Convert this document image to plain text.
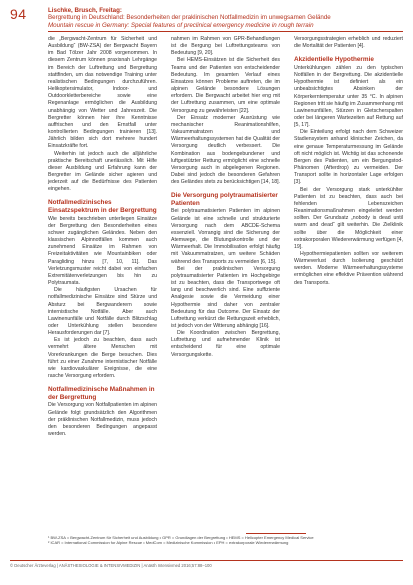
94	Lischke, Brusch, Freitag:
Bergrettung in Deutschland: Besonderheiten der praklinischen Notfallmedizin im unwegsamen Gelände
Mountain rescue in Germany: Special features of preclinical emergency medicine in rough terrain

die „Bergwacht-Zentrum für Sicherheit und Ausbildung“ (BW-ZSA) der Bergwacht Bayern im Bad Tölzer Jahr 2008 vorgenommen. In diesem Zentrum können praxisnah Lehrgänge im Bereich der Luftrettung und Bergrettung stattfinden, um das notwendige Training unter realistischen Bedingungen durchzuführen. Helikoptersimulator, Indoor- und Outdoorkletterbereiche sowie eine Regenanlage ermöglichen die Ausbildung unabhängig von Wetter und Jahreszeit. Die Bergretter können hier ihre Kenntnisse auffrischen und den Ernstfall unter kontrollierten Bedingungen trainieren [13]. Jährlich bilden sich dort mehrere hundert Einsatzkräfte fort.

Weiterhin ist jedoch auch die alljährliche praktische Bereitschaft unerlässlich. Mit Hilfe dieser Ausbildung und Erfahrung kann der Bergretter im Gelände sicher agieren und jederzeit auf die Bedürfnisse des Patienten eingehen.

Notfallmedizinisches Einsatzspektrum in der Bergrettung

Wie bereits beschrieben unterliegen Einsätze der Bergrettung den Besonderheiten eines schwer zugänglichen Geländes. Neben den klassischen Alpinnotfällen kommen auch zunehmend Einsätze im Rahmen von Freizeitaktivitäten wie Mountainbiken oder Paragliding hinzu [7, 10, 11]. Das Verletzungsmuster reicht dabei von einfachen Extremitätenverletzungen bis hin zu Polytraumata.

Die häufigsten Ursachen für notfallmedizinische Einsätze sind Stürze und Absturz bei Bergwanderern sowie internistische Notfälle. Aber auch Lawinenunfälle und Notfälle durch Blitzschlag oder Unterkühlung stellen besondere Herausforderungen dar [7].

Es ist jedoch zu beachten, dass auch vermehrt ältere Menschen mit Vorerkrankungen die Berge besuchen. Dies führt zu einer Zunahme internistischer Notfälle wie kardiovaskulärer Ereignisse, die eine rasche Versorgung erfordern.

Notfallmedizinische Maßnahmen in der Bergrettung

Die Versorgung von Notfallpatienten im alpinen Gelände folgt grundsätzlich den Algorithmen der präklinischen Notfallmedizin, muss jedoch den besonderen Bedingungen angepasst werden.

nahmen im Rahmen von GPR-Behandlungen ist die Bergung bei Luftrettungsteams von Bedeutung [9, 20].

Bei HEMS-Einsätzen ist die Sicherheit des Teams und der Patienten von entscheidender Bedeutung. Im gesamten Verlauf eines Einsatzes können Probleme auftreten, die im alpinen Gelände besondere Lösungen erfordern. Die Bergwacht arbeitet hier eng mit der Luftrettung zusammen, um eine optimale Versorgung zu gewährleisten [22].

Der Einsatz moderner Ausrüstung wie mechanischer Reanimationshilfen, Vakuummatratzen und Wärmeerhaltungssystemen hat die Qualität der Versorgung deutlich verbessert. Die Kombination aus bodengebundener und luftgestützter Rettung ermöglicht eine schnelle Versorgung auch in abgelegenen Regionen. Dabei sind jedoch die besonderen Gefahren des Geländes stets zu berücksichtigen [14, 18].

Die Versorgung polytraumatisierter Patienten

Bei polytraumatisierten Patienten im alpinen Gelände ist eine schnelle und strukturierte Versorgung nach dem ABCDE-Schema essenziell. Vorrangig sind die Sicherung der Atemwege, die Blutungskontrolle und der Wärmeerhalt. Die Immobilisation erfolgt häufig mit Vakuummatratzen, um weitere Schäden während des Transports zu vermeiden [6, 15].

Bei der praklinischen Versorgung polytraumatisierter Patienten im Hochgebirge ist zu beachten, dass die Transportwege oft lang und beschwerlich sind. Eine suffiziente Analgesie sowie die Vermeidung einer Hypothermie sind daher von zentraler Bedeutung für das Outcome. Der Einsatz der Luftrettung verkürzt die Rettungszeit erheblich, ist jedoch von der Witterung abhängig [16].

Die Koordination zwischen Bergrettung, Luftrettung und aufnehmender Klinik ist entscheidend für eine optimale Versorgungskette.

Versorgungsstrategien erheblich und reduziert die Mortalität der Patienten [4].

Akzidentielle Hypothermie

Unterkühlungen zählen zu den typischen Notfällen in der Bergrettung. Die akzidentielle Hypothermie ist definiert als ein unbeabsichtigtes Absinken der Körperkerntemperatur unter 35 °C. In alpinen Regionen tritt sie häufig im Zusammenhang mit Lawinenunfällen, Stürzen in Gletscherspalten oder bei längeren Wartezeiten auf Rettung auf [5, 17].

Die Einteilung erfolgt nach dem Schweizer Stadiensystem anhand klinischer Zeichen, da eine genaue Temperaturmessung im Gelände oft nicht möglich ist. Wichtig ist das schonende Bergen des Patienten, um ein Bergungstod-Phänomen (Afterdrop) zu vermeiden. Der Transport sollte in horizontaler Lage erfolgen [3].

Bei der Versorgung stark unterkühlter Patienten ist zu beachten, dass auch bei fehlenden Lebenszeichen Reanimationsmaßnahmen eingeleitet werden sollten. Der Grundsatz „nobody is dead until warm and dead“ gilt weiterhin. Die Zielklinik sollte über die Möglichkeit einer extrakorporalen Wiedererwärmung verfügen [4, 19].

Hypothermiepatienten sollten vor weiterem Wärmeverlust durch Isolierung geschützt werden. Moderne Wärmeerhaltungssysteme ermöglichen eine effektive Prävention während des Transports.

¹ BW-ZSA = Bergwacht-Zentrum für Sicherheit und Ausbildung • GPR = Grundlagen der Bergrettung • HEMS = Helicopter Emergency Medical Service
² ICAR = International Commission for Alpine Rescue • MedCom = Medizinische Kommission • EPH = extrakorporale Wiedererwärmung
© Deutscher Ärzteverlag | ANÄSTHESIOLOGIE & INTENSIVMEDIZIN | Anästh Intensivmed 2016;57:88–100
